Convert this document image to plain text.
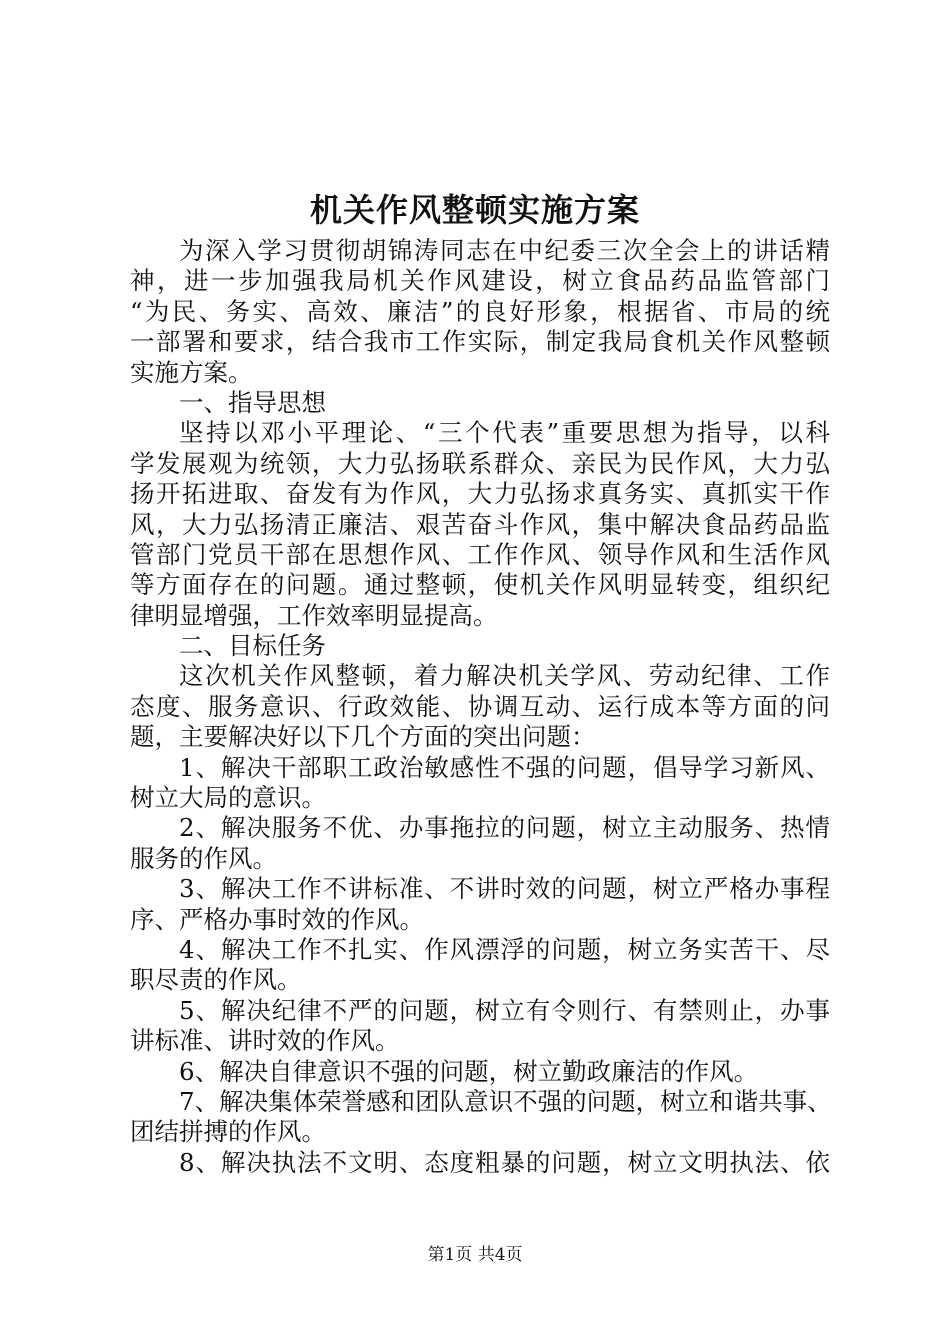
机关作风整顿实施方案
为深入学习贯彻胡锦涛同志在中纪委三次全会上的讲话精
神，进一步加强我局机关作风建设，树立食品药品监管部门
“为民、务实、高效、廉洁”的良好形象，根据省、市局的统
一部署和要求，结合我市工作实际，制定我局食机关作风整顿
实施方案。
一、指导思想
坚持以邓小平理论、“三个代表”重要思想为指导，以科
学发展观为统领，大力弘扬联系群众、亲民为民作风，大力弘
扬开拓进取、奋发有为作风，大力弘扬求真务实、真抓实干作
风，大力弘扬清正廉洁、艰苦奋斗作风，集中解决食品药品监
管部门党员干部在思想作风、工作作风、领导作风和生活作风
等方面存在的问题。通过整顿，使机关作风明显转变，组织纪
律明显增强，工作效率明显提高。
二、目标任务
这次机关作风整顿，着力解决机关学风、劳动纪律、工作
态度、服务意识、行政效能、协调互动、运行成本等方面的问
题，主要解决好以下几个方面的突出问题：
1、解决干部职工政治敏感性不强的问题，倡导学习新风、
树立大局的意识。
2、解决服务不优、办事拖拉的问题，树立主动服务、热情
服务的作风。
3、解决工作不讲标准、不讲时效的问题，树立严格办事程
序、严格办事时效的作风。
4、解决工作不扎实、作风漂浮的问题，树立务实苦干、尽
职尽责的作风。
5、解决纪律不严的问题，树立有令则行、有禁则止，办事
讲标准、讲时效的作风。
6、解决自律意识不强的问题，树立勤政廉洁的作风。
7、解决集体荣誉感和团队意识不强的问题，树立和谐共事、
团结拼搏的作风。
8、解决执法不文明、态度粗暴的问题，树立文明执法、依
第1页 共4页
